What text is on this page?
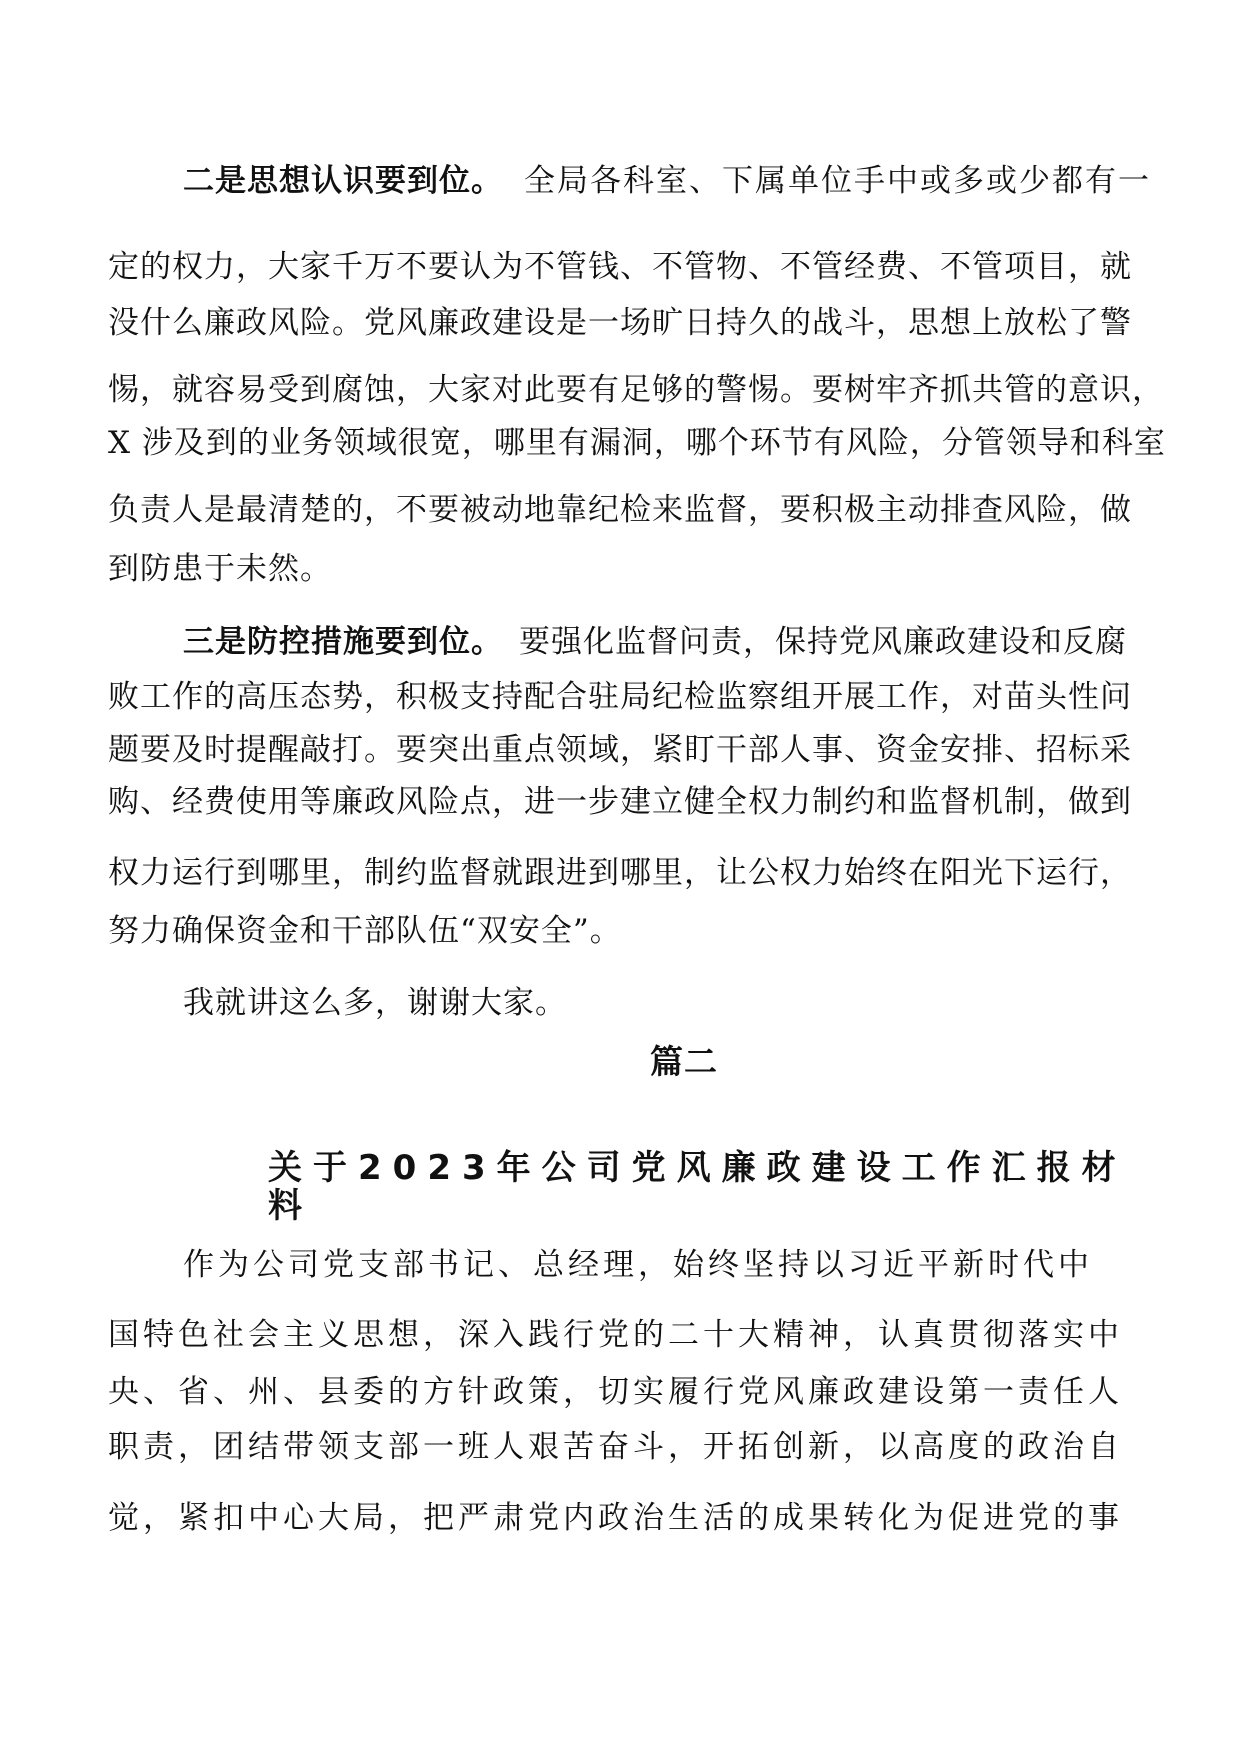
二是思想认识要到位。 全局各科室、下属单位手中或多或少都有一
定的权力，大家千万不要认为不管钱、不管物、不管经费、不管项目，就
没什么廉政风险。党风廉政建设是一场旷日持久的战斗，思想上放松了警
惕，就容易受到腐蚀，大家对此要有足够的警惕。要树牢齐抓共管的意识，
X 涉及到的业务领域很宽，哪里有漏洞，哪个环节有风险，分管领导和科室
负责人是最清楚的，不要被动地靠纪检来监督，要积极主动排查风险，做
到防患于未然。
三是防控措施要到位。 要强化监督问责，保持党风廉政建设和反腐
败工作的高压态势，积极支持配合驻局纪检监察组开展工作，对苗头性问
题要及时提醒敲打。要突出重点领域，紧盯干部人事、资金安排、招标采
购、经费使用等廉政风险点，进一步建立健全权力制约和监督机制，做到
权力运行到哪里，制约监督就跟进到哪里，让公权力始终在阳光下运行，
努力确保资金和干部队伍“双安全”。
我就讲这么多，谢谢大家。
篇二
关于2023年公司党风廉政建设工作汇报材
料
作为公司党支部书记、总经理，始终坚持以习近平新时代中
国特色社会主义思想，深入践行党的二十大精神，认真贯彻落实中
央、省、州、县委的方针政策，切实履行党风廉政建设第一责任人
职责，团结带领支部一班人艰苦奋斗，开拓创新，以高度的政治自
觉，紧扣中心大局，把严肃党内政治生活的成果转化为促进党的事
